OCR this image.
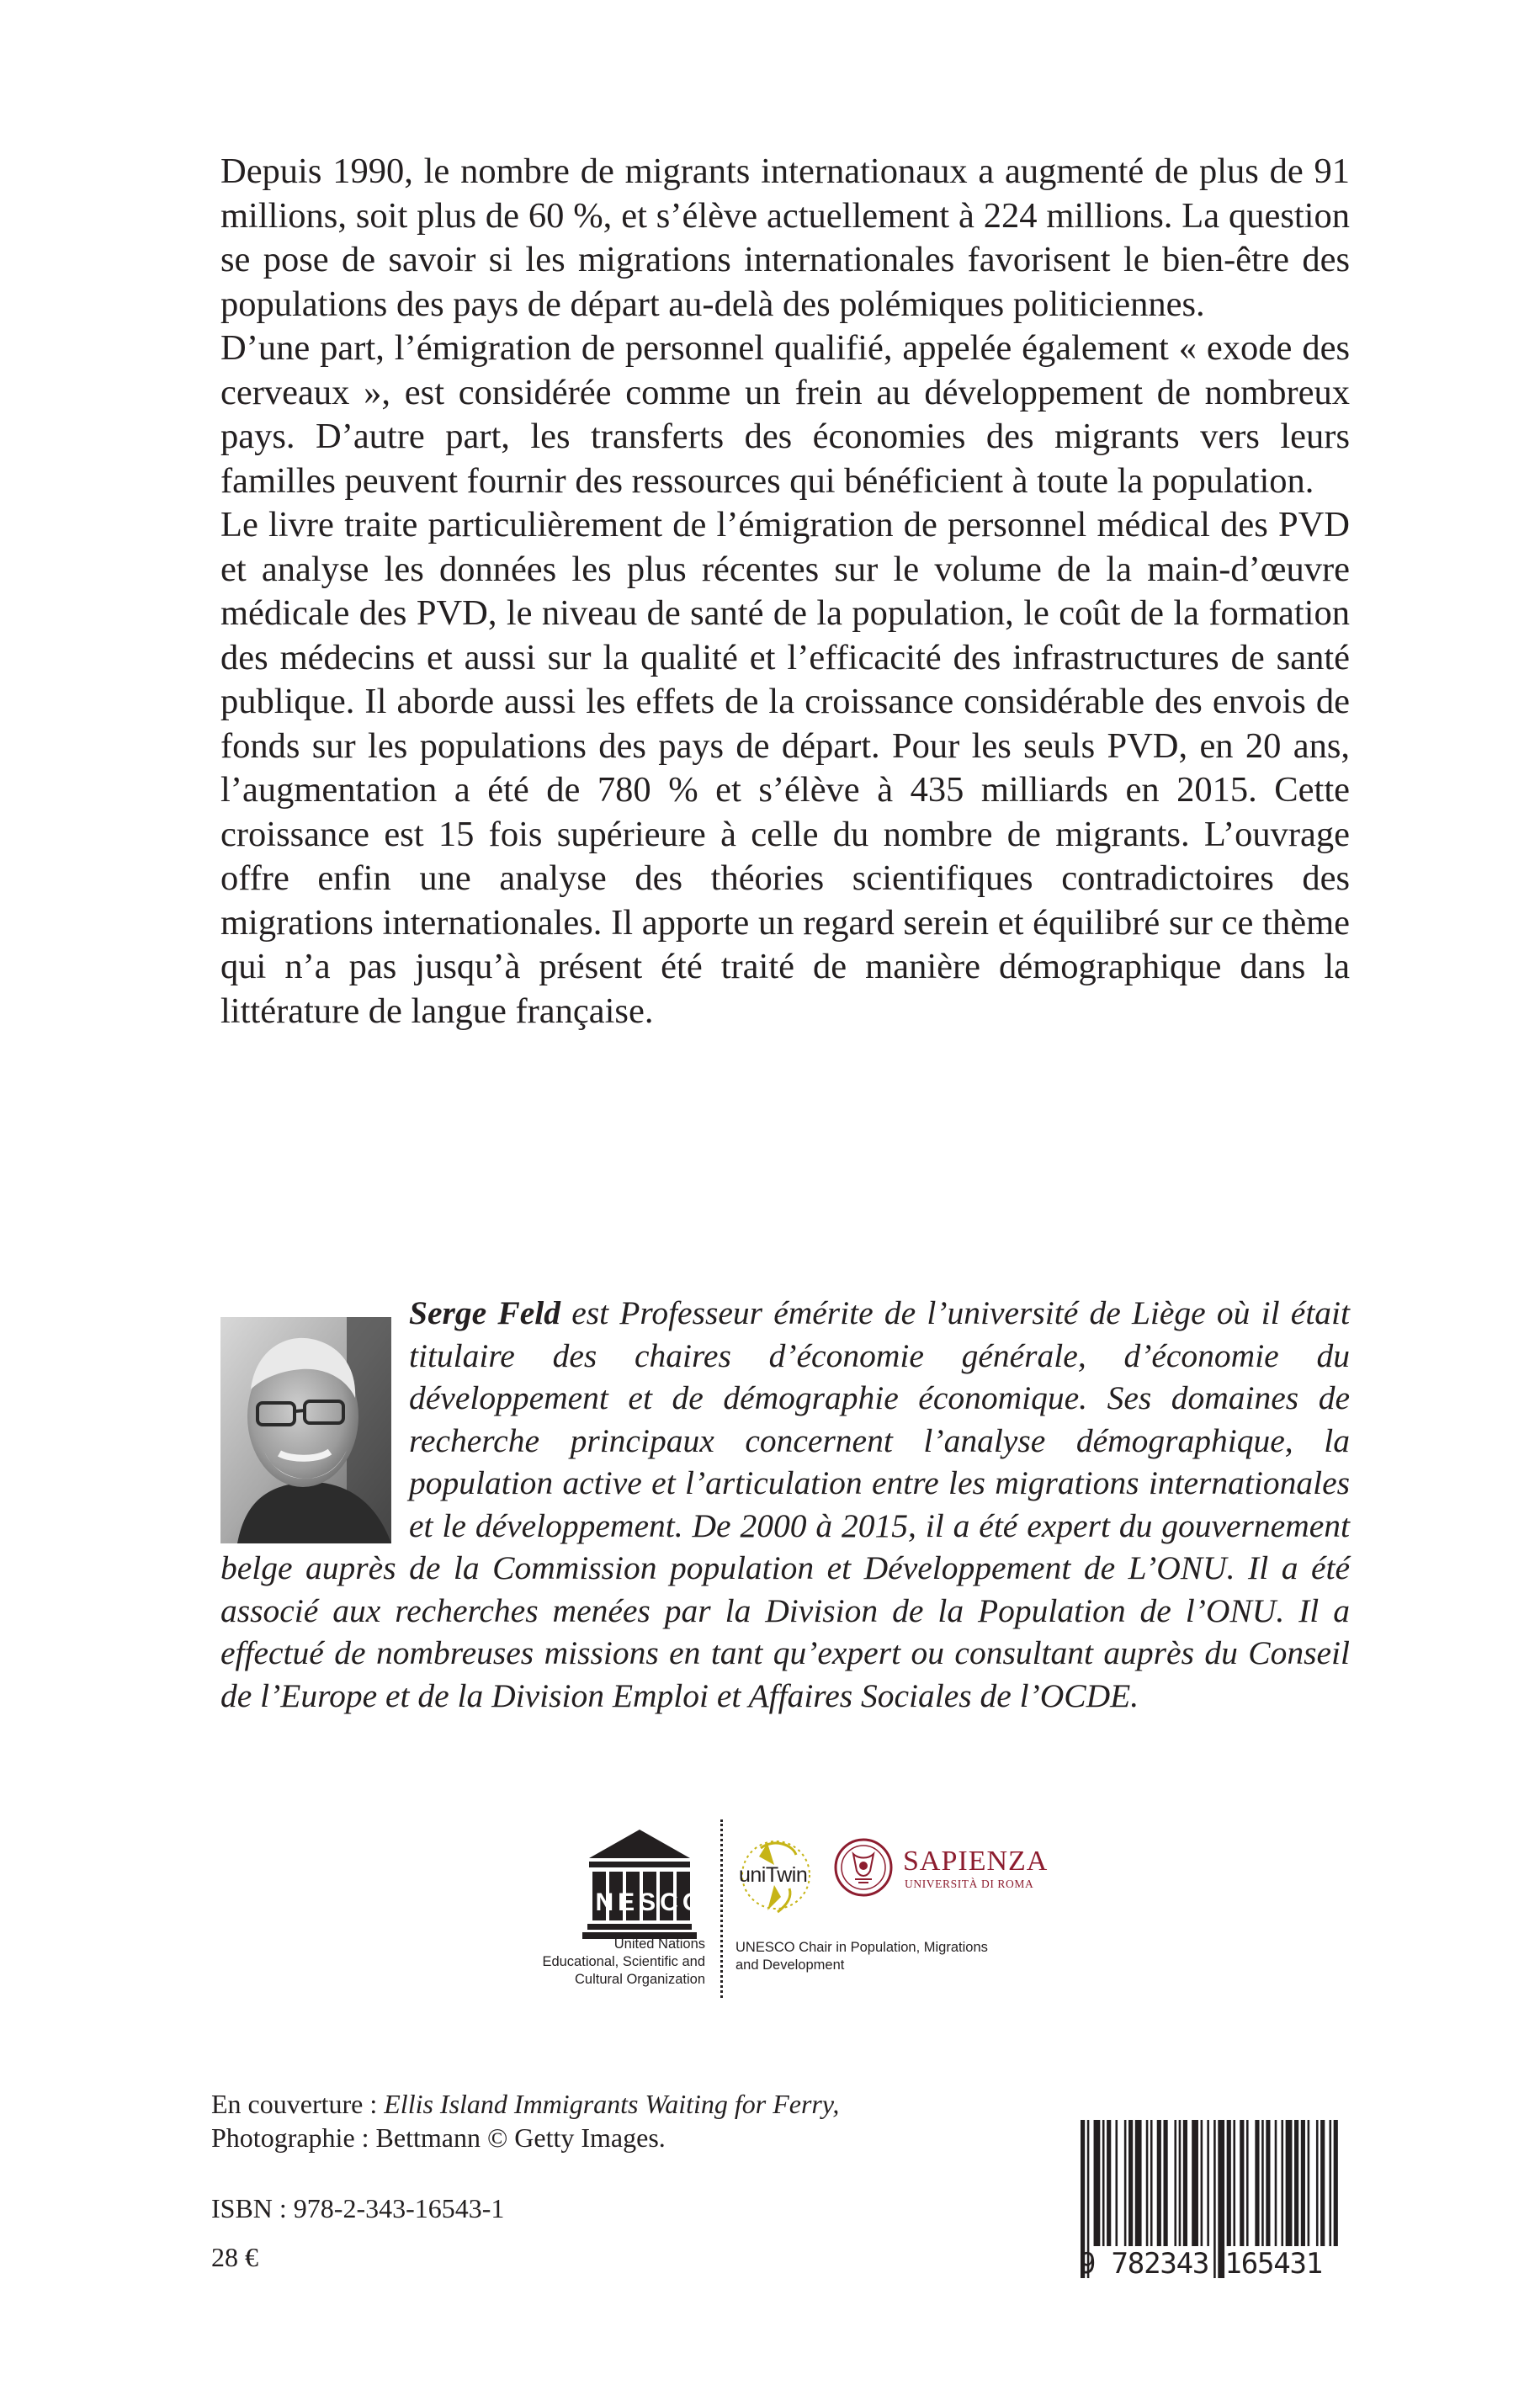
Depuis 1990, le nombre de migrants internationaux a augmenté de plus de 91 millions, soit plus de 60 %, et s’élève actuellement à 224 millions. La question se pose de savoir si les migrations internationales favorisent le bien-être des populations des pays de départ au-delà des polémiques politiciennes.

D’une part, l’émigration de personnel qualifié, appelée également « exode des cerveaux », est considérée comme un frein au développement de nombreux pays. D’autre part, les transferts des économies des migrants vers leurs familles peuvent fournir des ressources qui bénéficient à toute la population.

Le livre traite particulièrement de l’émigration de personnel médical des PVD et analyse les données les plus récentes sur le volume de la main-d’œuvre médicale des PVD, le niveau de santé de la population, le coût de la formation des médecins et aussi sur la qualité et l’efficacité des infrastructures de santé publique. Il aborde aussi les effets de la croissance considérable des envois de fonds sur les populations des pays de départ. Pour les seuls PVD, en 20 ans, l’augmentation a été de 780 % et s’élève à 435 milliards en 2015. Cette croissance est 15 fois supérieure à celle du nombre de migrants. L’ouvrage offre enfin une analyse des théories scientifiques contradictoires des migrations internationales. Il apporte un regard serein et équilibré sur ce thème qui n’a pas jusqu’à présent été traité de manière démographique dans la littérature de langue française.

Serge Feld est Professeur émérite de l’université de Liège où il était titulaire des chaires d’économie générale, d’économie du développement et de démographie économique. Ses domaines de recherche principaux concernent l’analyse démographique, la population active et l’articulation entre les migrations internationales et le développement. De 2000 à 2015, il a été expert du gouvernement belge auprès de la Commission population et Développement de L’ONU. Il a été associé aux recherches menées par la Division de la Population de l’ONU. Il a effectué de nombreuses missions en tant qu’expert ou consultant auprès du Conseil de l’Europe et de la Division Emploi et Affaires Sociales de l’OCDE.

UNESCO
United Nations
Educational, Scientific and
Cultural Organization
uniTwin	SAPIENZA
UNIVERSITÀ DI ROMA
UNESCO Chair in Population, Migrations
and Development
En couverture : Ellis Island Immigrants Waiting for Ferry,
Photographie : Bettmann © Getty Images.
ISBN : 978-2-343-16543-1
28 €	9 782343 165431
